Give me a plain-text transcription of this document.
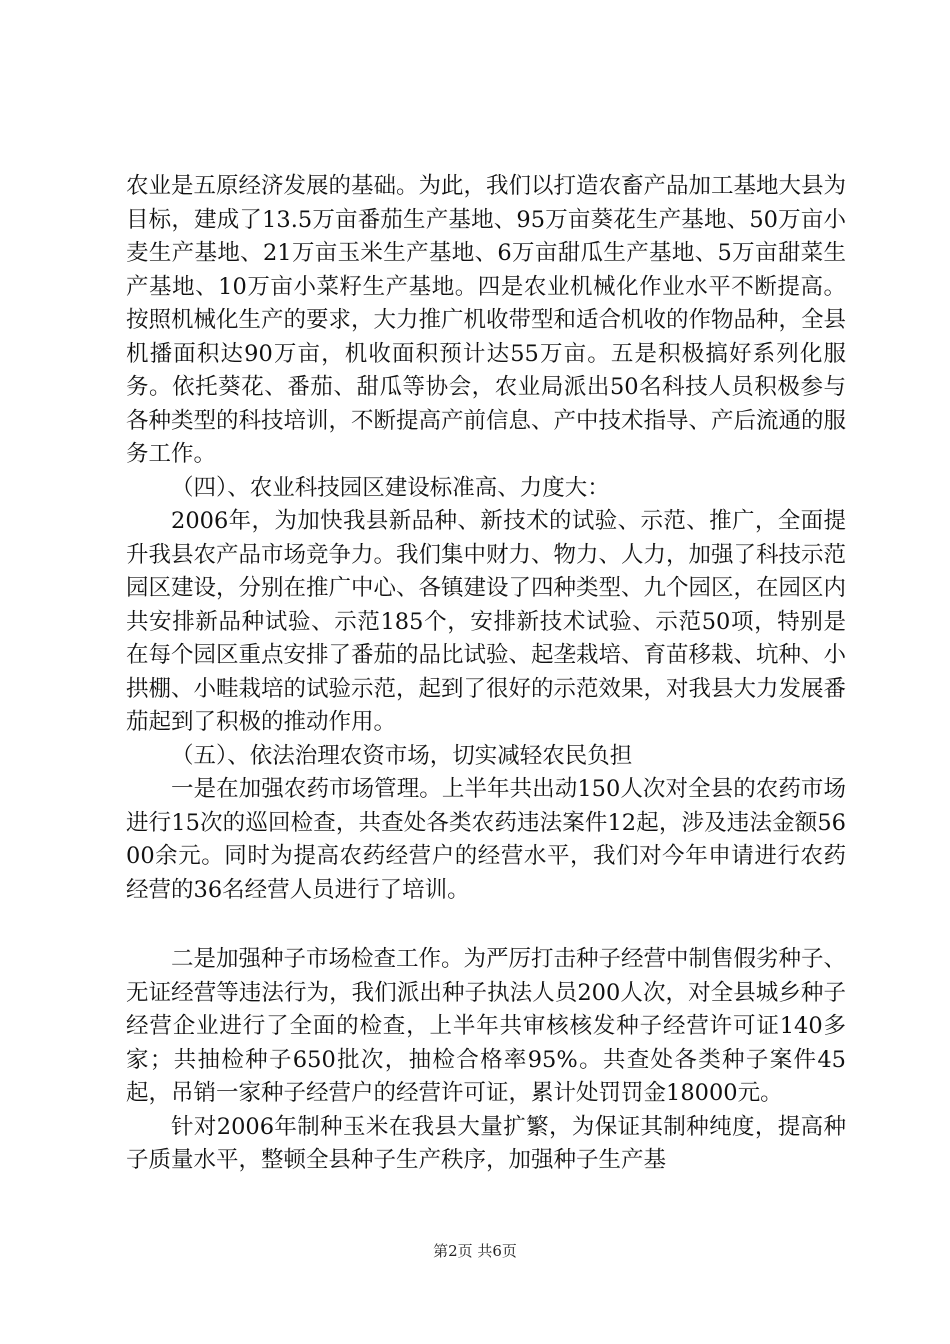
农业是五原经济发展的基础。为此，我们以打造农畜产品加工基地大县为目标，建成了13.5万亩番茄生产基地、95万亩葵花生产基地、50万亩小麦生产基地、21万亩玉米生产基地、6万亩甜瓜生产基地、5万亩甜菜生产基地、10万亩小菜籽生产基地。四是农业机械化作业水平不断提高。按照机械化生产的要求，大力推广机收带型和适合机收的作物品种，全县机播面积达90万亩，机收面积预计达55万亩。五是积极搞好系列化服务。依托葵花、番茄、甜瓜等协会，农业局派出50名科技人员积极参与各种类型的科技培训，不断提高产前信息、产中技术指导、产后流通的服务工作。

（四）、农业科技园区建设标准高、力度大：

2006年，为加快我县新品种、新技术的试验、示范、推广，全面提升我县农产品市场竞争力。我们集中财力、物力、人力，加强了科技示范园区建设，分别在推广中心、各镇建设了四种类型、九个园区，在园区内共安排新品种试验、示范185个，安排新技术试验、示范50项，特别是在每个园区重点安排了番茄的品比试验、起垄栽培、育苗移栽、坑种、小拱棚、小畦栽培的试验示范，起到了很好的示范效果，对我县大力发展番茄起到了积极的推动作用。

（五）、依法治理农资市场，切实减轻农民负担

一是在加强农药市场管理。上半年共出动150人次对全县的农药市场进行15次的巡回检查，共查处各类农药违法案件12起，涉及违法金额5600余元。同时为提高农药经营户的经营水平，我们对今年申请进行农药经营的36名经营人员进行了培训。

二是加强种子市场检查工作。为严厉打击种子经营中制售假劣种子、无证经营等违法行为，我们派出种子执法人员200人次，对全县城乡种子经营企业进行了全面的检查，上半年共审核核发种子经营许可证140多家；共抽检种子650批次，抽检合格率95%。共查处各类种子案件45起，吊销一家种子经营户的经营许可证，累计处罚罚金18000元。

针对2006年制种玉米在我县大量扩繁，为保证其制种纯度，提高种子质量水平，整顿全县种子生产秩序，加强种子生产基

第2页 共6页
